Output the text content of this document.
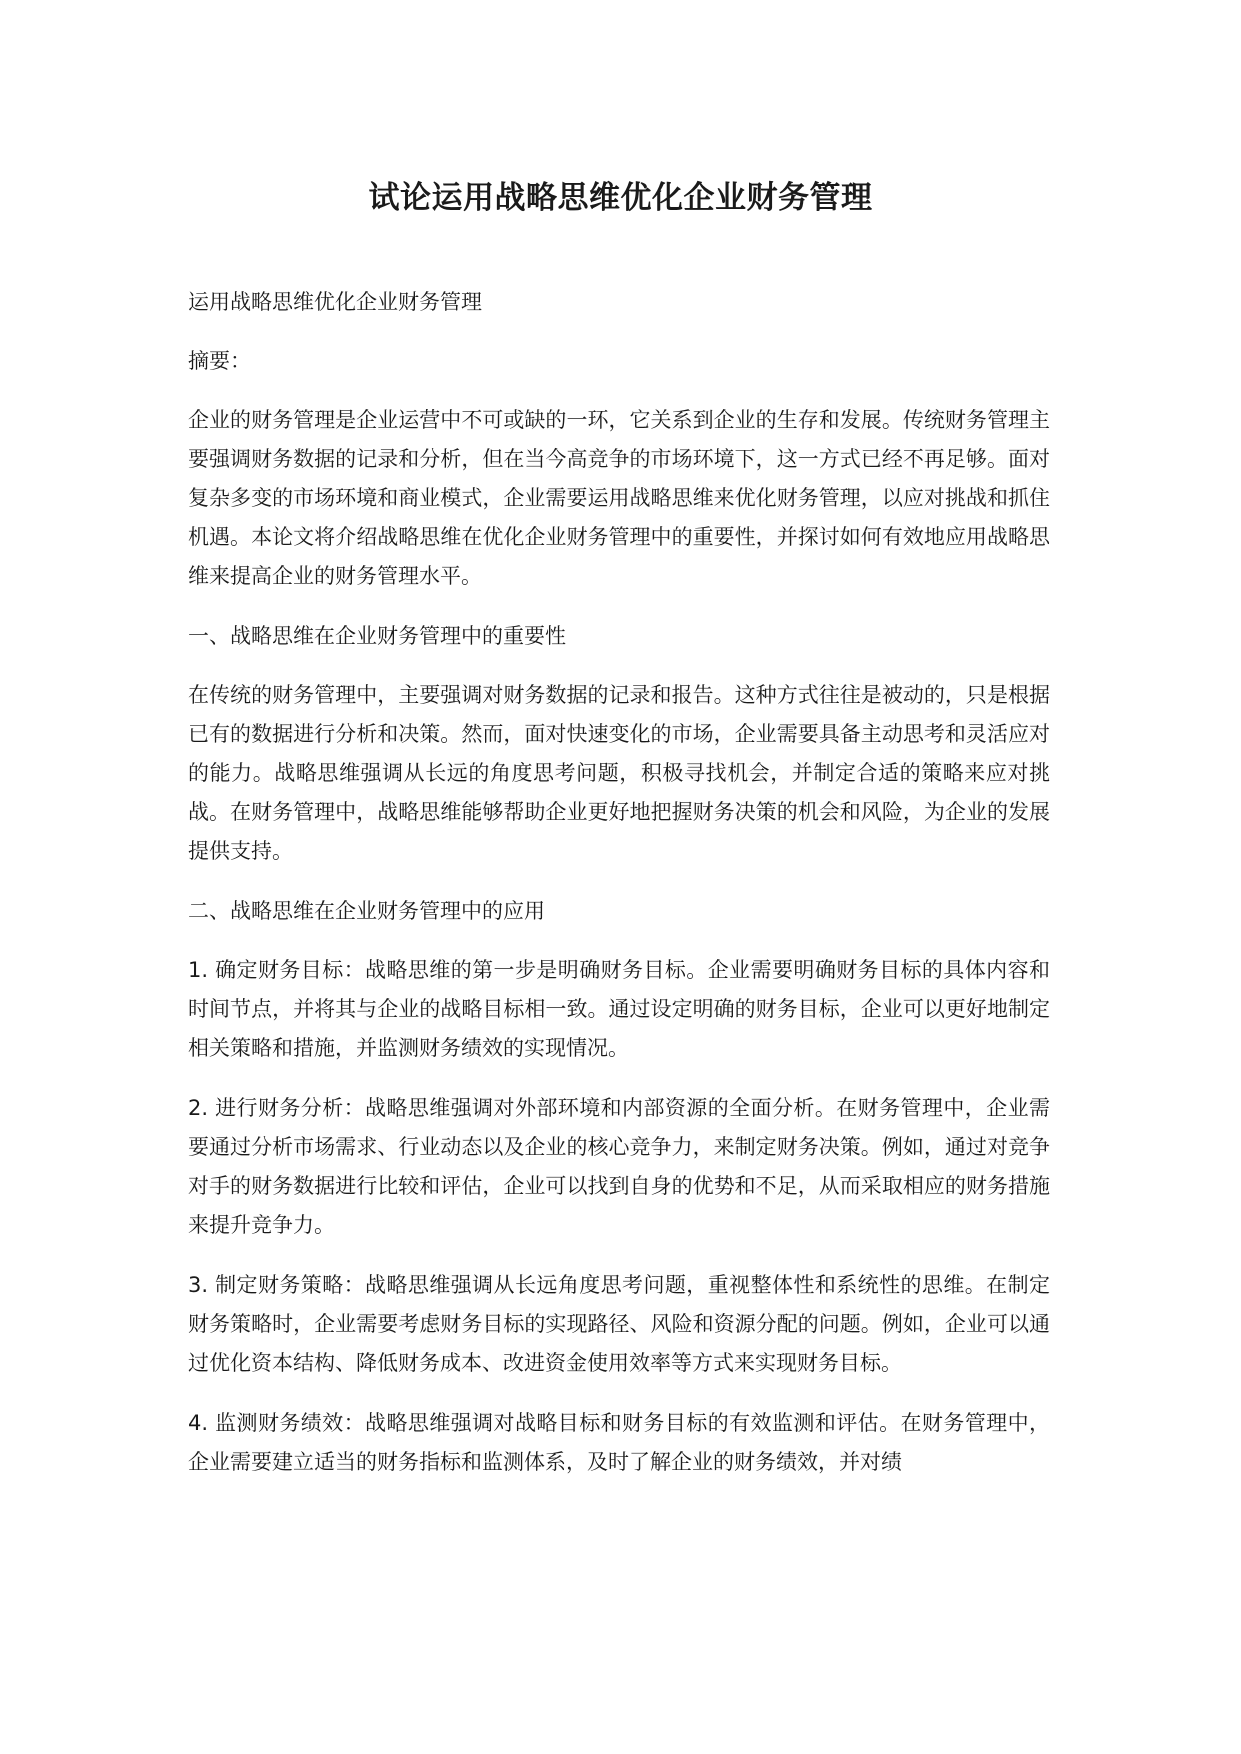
试论运用战略思维优化企业财务管理

运用战略思维优化企业财务管理

摘要：

企业的财务管理是企业运营中不可或缺的一环，它关系到企业的生存和发展。传统财务管理主要强调财务数据的记录和分析，但在当今高竞争的市场环境下，这一方式已经不再足够。面对复杂多变的市场环境和商业模式，企业需要运用战略思维来优化财务管理，以应对挑战和抓住机遇。本论文将介绍战略思维在优化企业财务管理中的重要性，并探讨如何有效地应用战略思维来提高企业的财务管理水平。

一、战略思维在企业财务管理中的重要性

在传统的财务管理中，主要强调对财务数据的记录和报告。这种方式往往是被动的，只是根据已有的数据进行分析和决策。然而，面对快速变化的市场，企业需要具备主动思考和灵活应对的能力。战略思维强调从长远的角度思考问题，积极寻找机会，并制定合适的策略来应对挑战。在财务管理中，战略思维能够帮助企业更好地把握财务决策的机会和风险，为企业的发展提供支持。

二、战略思维在企业财务管理中的应用

1. 确定财务目标：战略思维的第一步是明确财务目标。企业需要明确财务目标的具体内容和时间节点，并将其与企业的战略目标相一致。通过设定明确的财务目标，企业可以更好地制定相关策略和措施，并监测财务绩效的实现情况。

2. 进行财务分析：战略思维强调对外部环境和内部资源的全面分析。在财务管理中，企业需要通过分析市场需求、行业动态以及企业的核心竞争力，来制定财务决策。例如，通过对竞争对手的财务数据进行比较和评估，企业可以找到自身的优势和不足，从而采取相应的财务措施来提升竞争力。

3. 制定财务策略：战略思维强调从长远角度思考问题，重视整体性和系统性的思维。在制定财务策略时，企业需要考虑财务目标的实现路径、风险和资源分配的问题。例如，企业可以通过优化资本结构、降低财务成本、改进资金使用效率等方式来实现财务目标。

4. 监测财务绩效：战略思维强调对战略目标和财务目标的有效监测和评估。在财务管理中，企业需要建立适当的财务指标和监测体系，及时了解企业的财务绩效，并对绩
